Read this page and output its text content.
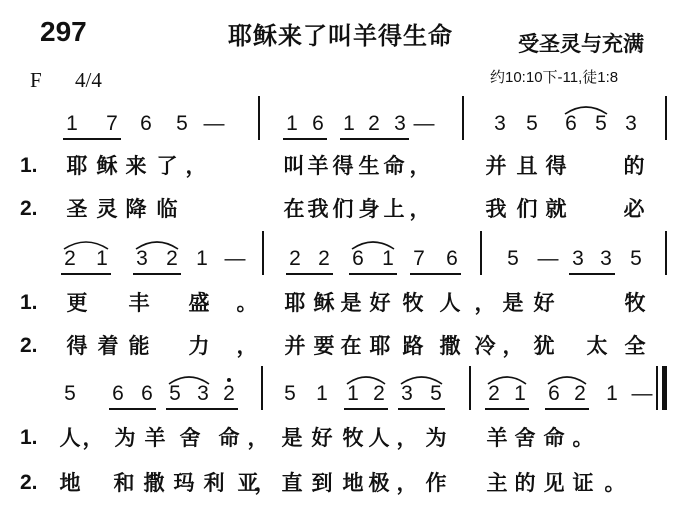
297	耶稣来了叫羊得生命	受圣灵与充满
F 4/4	约10:10下-11,徒1:8
1.
2.
1 7 6 5 —	1 6 1 2 3 —	3 5 6 5 3
耶 稣 来 了 ，	叫 羊 得 生 命 ，	并 且 得	的
圣 灵 降 临	在 我 们 身 上 ，	我 们 就	必
1.
2.
2 1 3 2 1 — 2 2 6 1 7 6 5 — 3 3 5
更 丰 盛 。 耶 稣 是 好 牧 人 ， 是 好	牧
得 着 能 力 ， 并 要 在 耶 路 撒 冷 ， 犹 太 全
1.
2.
5 6 6 5 3 2 5 1 1 2 3 5 2 1 6 2 1 —
人 ， 为 羊 舍 命 ， 是 好 牧 人 ， 为 羊 舍 命 。
地 和 撒 玛 利 亚
， 直 到 地 极 ， 作 主 的 见 证 。
